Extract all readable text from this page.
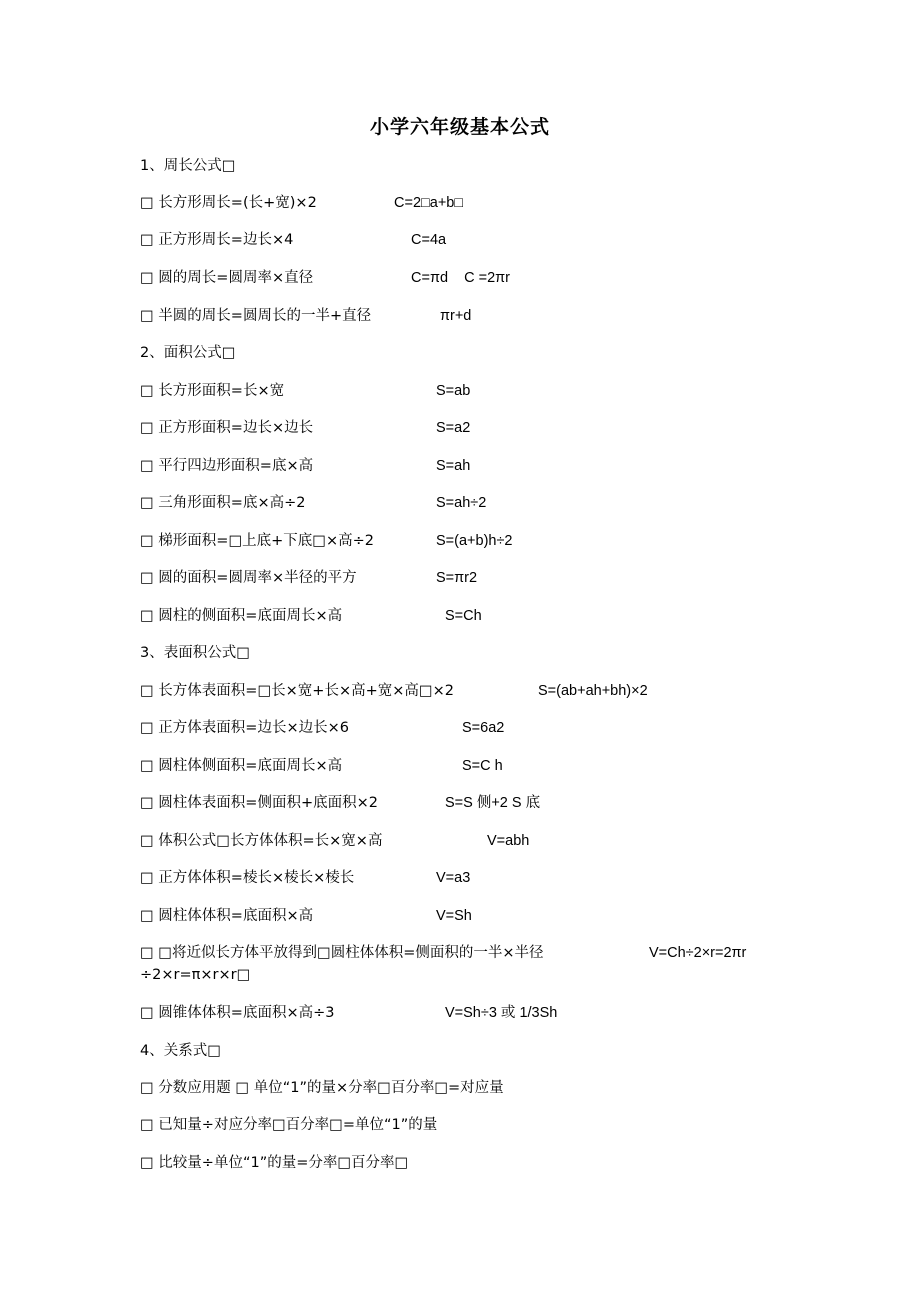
小学六年级基本公式
1、周长公式□
□ 长方形周长=(长+宽)×2	C=2□a+b□
□ 正方形周长=边长×4	C=4a
□ 圆的周长=圆周率×直径	C=πd    C =2πr
□ 半圆的周长=圆周长的一半+直径	πr+d
2、面积公式□
□ 长方形面积=长×宽	S=ab
□ 正方形面积=边长×边长	S=a2
□ 平行四边形面积=底×高	S=ah
□ 三角形面积=底×高÷2	S=ah÷2
□ 梯形面积=□上底+下底□×高÷2	S=(a+b)h÷2
□ 圆的面积=圆周率×半径的平方	S=πr2
□ 圆柱的侧面积=底面周长×高	S=Ch
3、表面积公式□
□ 长方体表面积=□长×宽+长×高+宽×高□×2	S=(ab+ah+bh)×2
□ 正方体表面积=边长×边长×6	S=6a2
□ 圆柱体侧面积=底面周长×高	S=C h
□ 圆柱体表面积=侧面积+底面积×2	S=S 侧+2 S 底
□ 体积公式□长方体体积=长×宽×高	V=abh
□ 正方体体积=棱长×棱长×棱长	V=a3
□ 圆柱体体积=底面积×高	V=Sh
□ □将近似长方体平放得到□圆柱体体积=侧面积的一半×半径	V=Ch÷2×r=2πr
÷2×r=π×r×r□
□ 圆锥体体积=底面积×高÷3	V=Sh÷3 或 1/3Sh
4、关系式□
□ 分数应用题 □ 单位“1”的量×分率□百分率□=对应量
□ 已知量÷对应分率□百分率□=单位“1”的量
□ 比较量÷单位“1”的量=分率□百分率□
